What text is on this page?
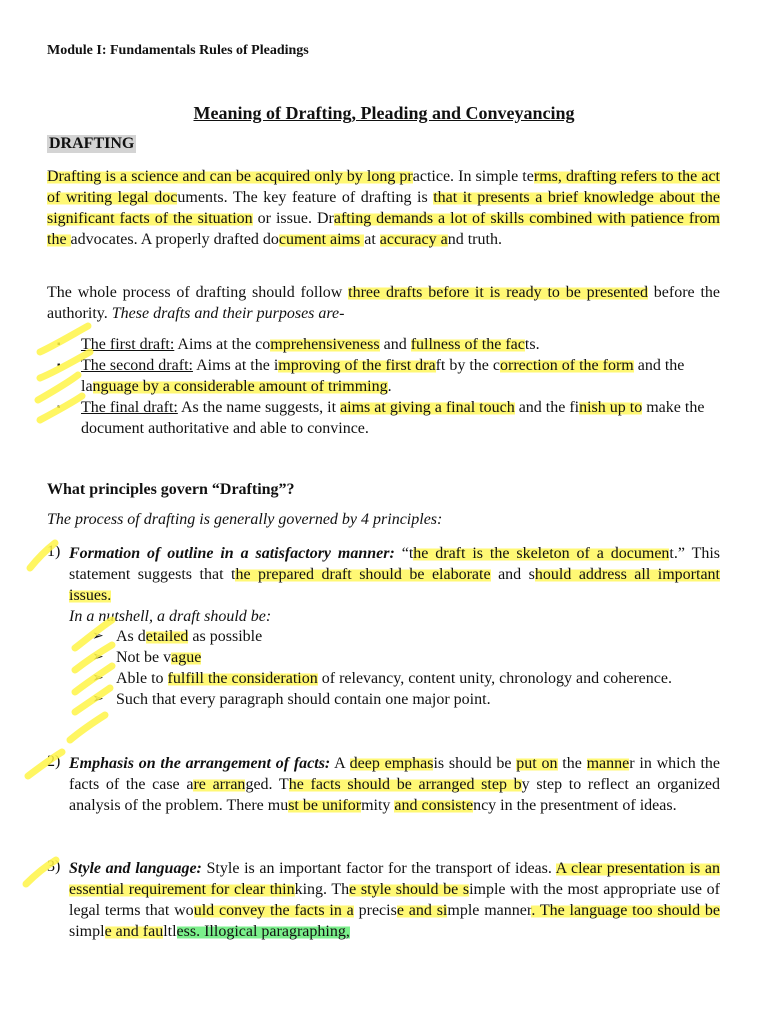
Module I: Fundamentals Rules of Pleadings
Meaning of Drafting, Pleading and Conveyancing
DRAFTING
Drafting is a science and can be acquired only by long practice. In simple terms, drafting refers to the act of writing legal documents. The key feature of drafting is that it presents a brief knowledge about the significant facts of the situation or issue. Drafting demands a lot of skills combined with patience from the advocates. A properly drafted document aims at accuracy and truth.
The whole process of drafting should follow three drafts before it is ready to be presented before the authority. These drafts and their purposes are-
▪ The first draft: Aims at the comprehensiveness and fullness of the facts.
▪ The second draft: Aims at the improving of the first draft by the correction of the form and the language by a considerable amount of trimming.
▪ The final draft: As the name suggests, it aims at giving a final touch and the finish up to make the document authoritative and able to convince.
What principles govern “Drafting”?
The process of drafting is generally governed by 4 principles:
1) Formation of outline in a satisfactory manner: “the draft is the skeleton of a document.” This statement suggests that the prepared draft should be elaborate and should address all important issues.
In a nutshell, a draft should be:
➢ As detailed as possible
➢ Not be vague
➢ Able to fulfill the consideration of relevancy, content unity, chronology and coherence.
➢ Such that every paragraph should contain one major point.
2) Emphasis on the arrangement of facts: A deep emphasis should be put on the manner in which the facts of the case are arranged. The facts should be arranged step by step to reflect an organized analysis of the problem. There must be uniformity and consistency in the presentment of ideas.
3) Style and language: Style is an important factor for the transport of ideas. A clear presentation is an essential requirement for clear thinking. The style should be simple with the most appropriate use of legal terms that would convey the facts in a precise and simple manner. The language too should be simple and faultless. Illogical paragraphing,
